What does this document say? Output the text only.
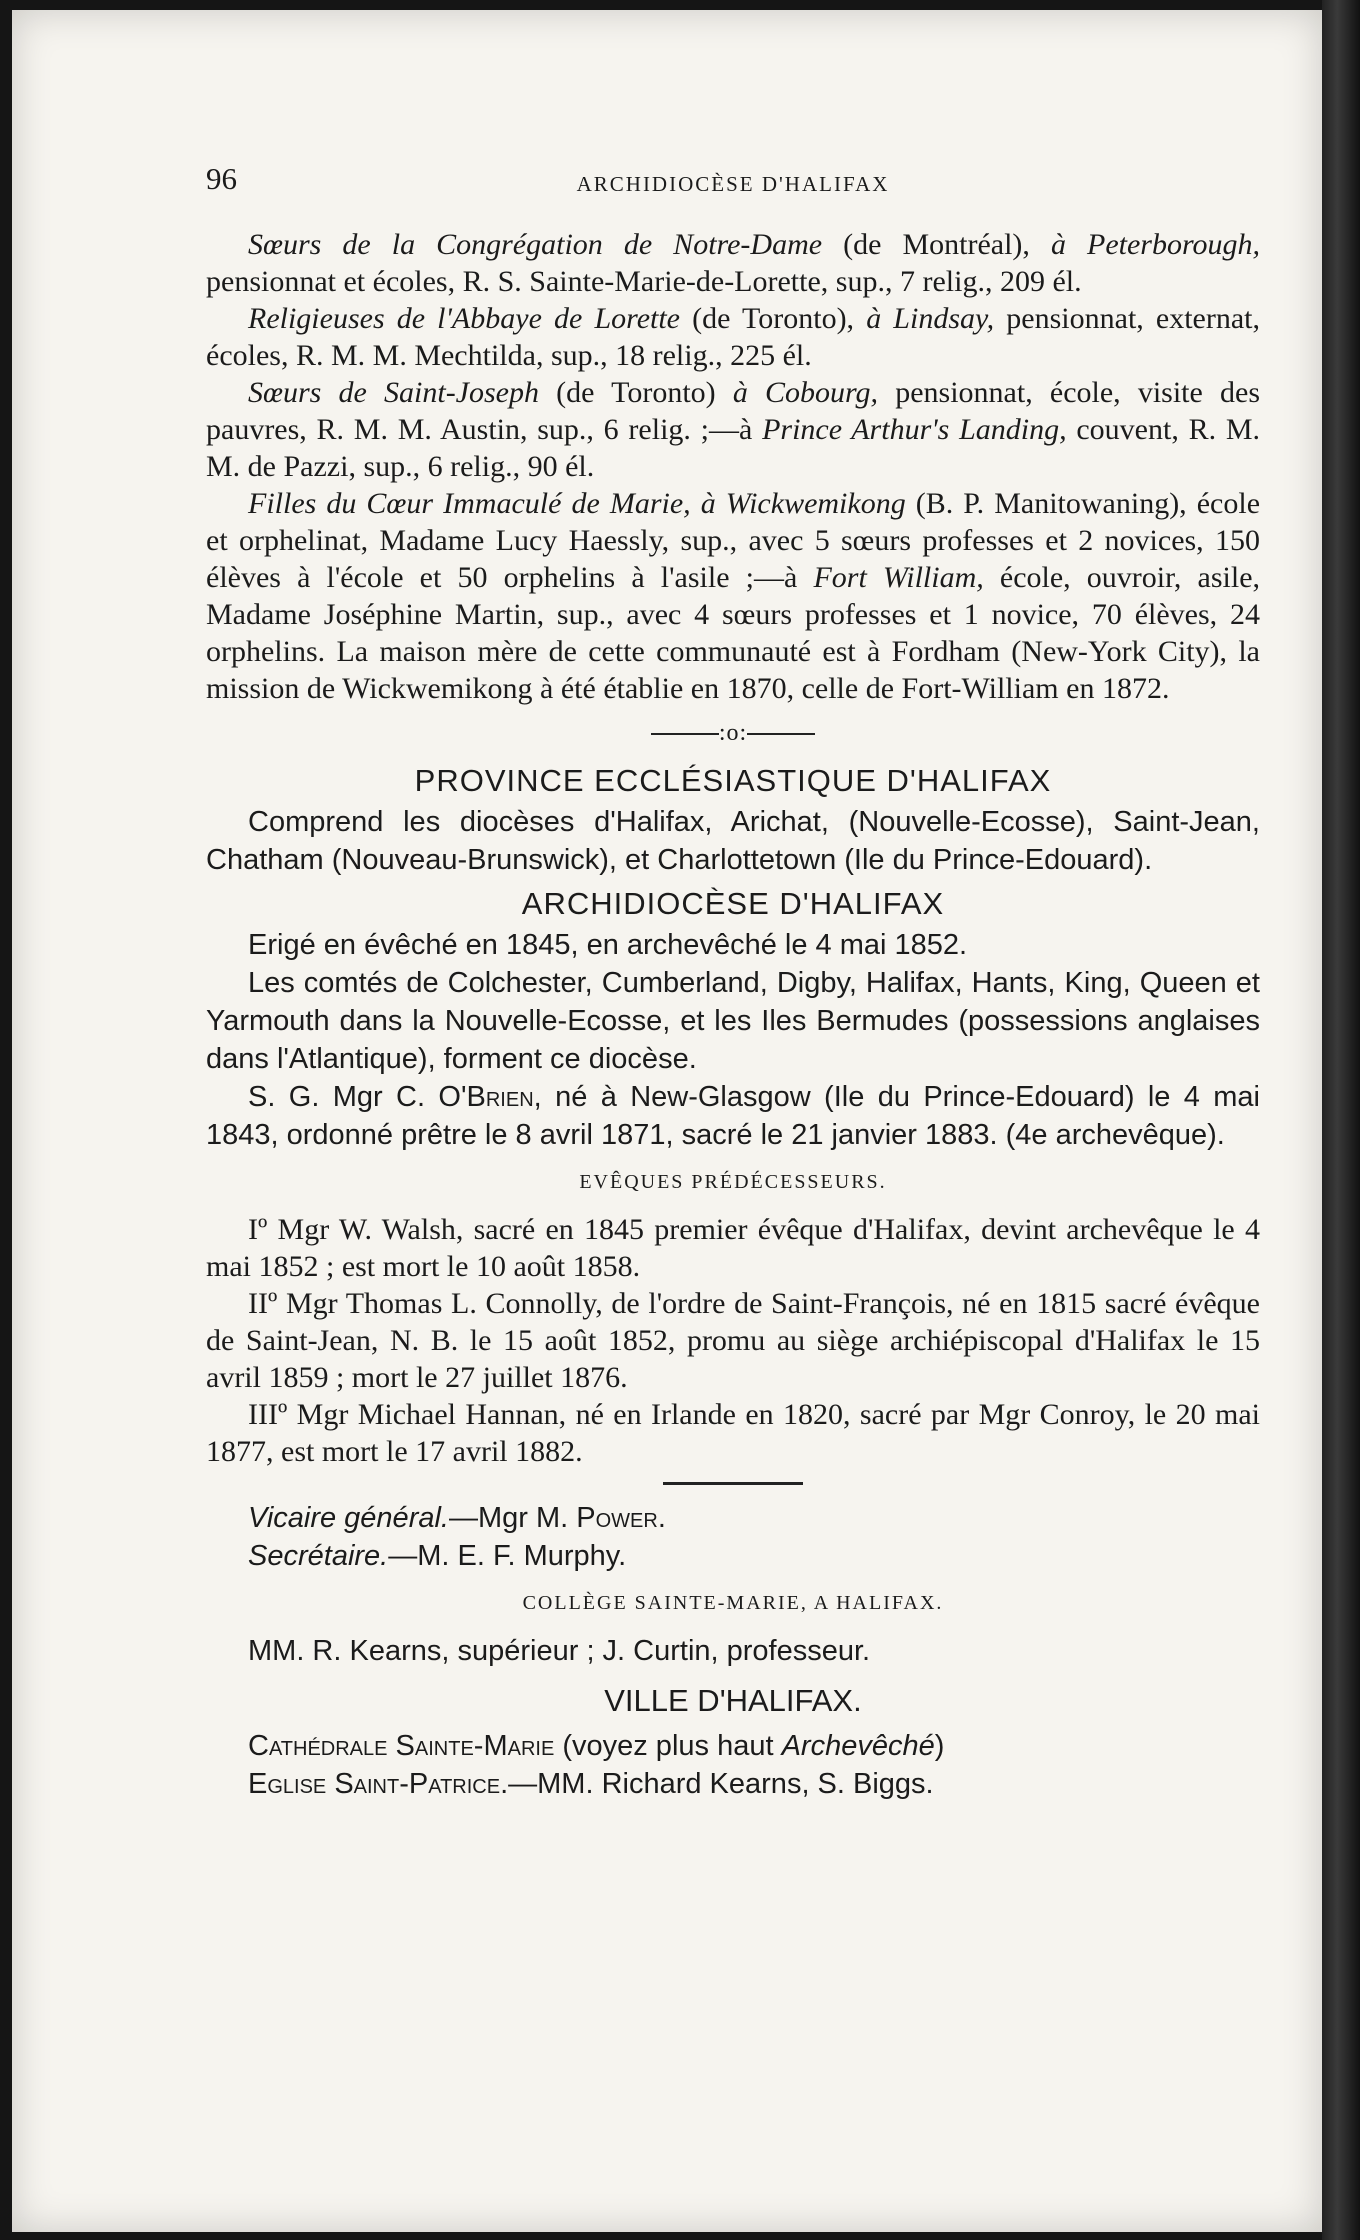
96	ARCHIDIOCÈSE D'HALIFAX

Sœurs de la Congrégation de Notre-Dame (de Montréal), à Peterborough, pensionnat et écoles, R. S. Sainte-Marie-de-Lorette, sup., 7 relig., 209 él.

Religieuses de l'Abbaye de Lorette (de Toronto), à Lindsay, pensionnat, externat, écoles, R. M. M. Mechtilda, sup., 18 relig., 225 él.

Sœurs de Saint-Joseph (de Toronto) à Cobourg, pensionnat, école, visite des pauvres, R. M. M. Austin, sup., 6 relig. ;—à Prince Arthur's Landing, couvent, R. M. M. de Pazzi, sup., 6 relig., 90 él.

Filles du Cœur Immaculé de Marie, à Wickwemikong (B. P. Manitowaning), école et orphelinat, Madame Lucy Haessly, sup., avec 5 sœurs professes et 2 novices, 150 élèves à l'école et 50 orphelins à l'asile ;—à Fort William, école, ouvroir, asile, Madame Joséphine Martin, sup., avec 4 sœurs professes et 1 novice, 70 élèves, 24 orphelins. La maison mère de cette communauté est à Fordham (New-York City), la mission de Wickwemikong à été établie en 1870, celle de Fort-William en 1872.

:o:
PROVINCE ECCLÉSIASTIQUE D'HALIFAX

Comprend les diocèses d'Halifax, Arichat, (Nouvelle-Ecosse), Saint-Jean, Chatham (Nouveau-Brunswick), et Charlottetown (Ile du Prince-Edouard).

ARCHIDIOCÈSE D'HALIFAX

Erigé en évêché en 1845, en archevêché le 4 mai 1852.

Les comtés de Colchester, Cumberland, Digby, Halifax, Hants, King, Queen et Yarmouth dans la Nouvelle-Ecosse, et les Iles Bermudes (possessions anglaises dans l'Atlantique), forment ce diocèse.

S. G. Mgr C. O'Brien, né à New-Glasgow (Ile du Prince-Edouard) le 4 mai 1843, ordonné prêtre le 8 avril 1871, sacré le 21 janvier 1883. (4e archevêque).

EVÊQUES PRÉDÉCESSEURS.

Iº Mgr W. Walsh, sacré en 1845 premier évêque d'Halifax, devint archevêque le 4 mai 1852 ; est mort le 10 août 1858.

IIº Mgr Thomas L. Connolly, de l'ordre de Saint-François, né en 1815 sacré évêque de Saint-Jean, N. B. le 15 août 1852, promu au siège archiépiscopal d'Halifax le 15 avril 1859 ; mort le 27 juillet 1876.

IIIº Mgr Michael Hannan, né en Irlande en 1820, sacré par Mgr Conroy, le 20 mai 1877, est mort le 17 avril 1882.

Vicaire général.—Mgr M. Power.

Secrétaire.—M. E. F. Murphy.

COLLÈGE SAINTE-MARIE, A HALIFAX.

MM. R. Kearns, supérieur ; J. Curtin, professeur.

VILLE D'HALIFAX.

Cathédrale Sainte-Marie (voyez plus haut Archevêché)

Eglise Saint-Patrice.—MM. Richard Kearns, S. Biggs.
